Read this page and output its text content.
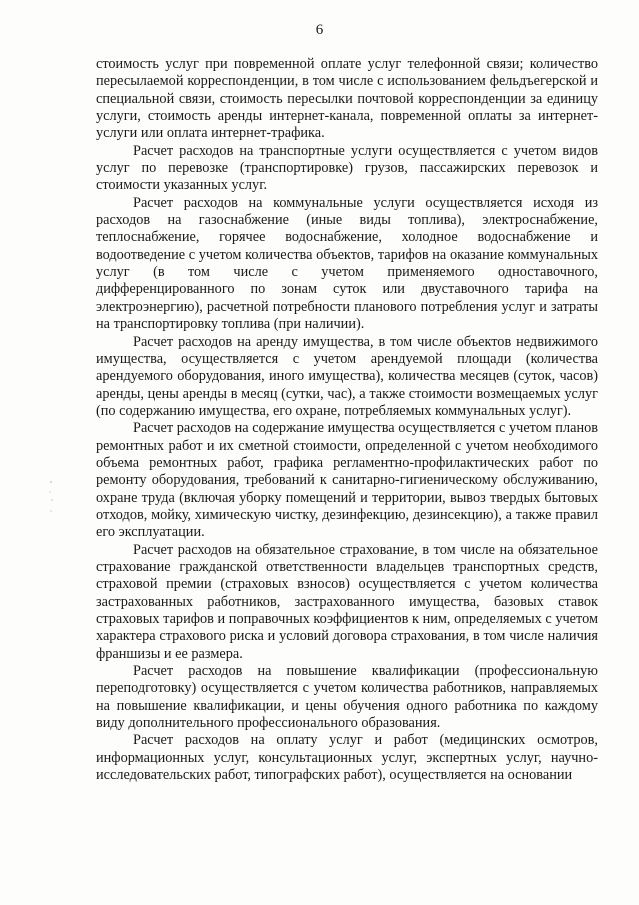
6

стоимость услуг при повременной оплате услуг телефонной связи; количество пересылаемой корреспонденции, в том числе с использованием фельдъегерской и специальной связи, стоимость пересылки почтовой корреспонденции за единицу услуги, стоимость аренды интернет-канала, повременной оплаты за интернет-услуги или оплата интернет-трафика.

Расчет расходов на транспортные услуги осуществляется с учетом видов услуг по перевозке (транспортировке) грузов, пассажирских перевозок и стоимости указанных услуг.

Расчет расходов на коммунальные услуги осуществляется исходя из расходов на газоснабжение (иные виды топлива), электроснабжение, теплоснабжение, горячее водоснабжение, холодное водоснабжение и водоотведение с учетом количества объектов, тарифов на оказание коммунальных услуг (в том числе с учетом применяемого одноставочного, дифференцированного по зонам суток или двуставочного тарифа на электроэнергию), расчетной потребности планового потребления услуг и затраты на транспортировку топлива (при наличии).

Расчет расходов на аренду имущества, в том числе объектов недвижимого имущества, осуществляется с учетом арендуемой площади (количества арендуемого оборудования, иного имущества), количества месяцев (суток, часов) аренды, цены аренды в месяц (сутки, час), а также стоимости возмещаемых услуг (по содержанию имущества, его охране, потребляемых коммунальных услуг).

Расчет расходов на содержание имущества осуществляется с учетом планов ремонтных работ и их сметной стоимости, определенной с учетом необходимого объема ремонтных работ, графика регламентно-профилактических работ по ремонту оборудования, требований к санитарно-гигиеническому обслуживанию, охране труда (включая уборку помещений и территории, вывоз твердых бытовых отходов, мойку, химическую чистку, дезинфекцию, дезинсекцию), а также правил его эксплуатации.

Расчет расходов на обязательное страхование, в том числе на обязательное страхование гражданской ответственности владельцев транспортных средств, страховой премии (страховых взносов) осуществляется с учетом количества застрахованных работников, застрахованного имущества, базовых ставок страховых тарифов и поправочных коэффициентов к ним, определяемых с учетом характера страхового риска и условий договора страхования, в том числе наличия франшизы и ее размера.

Расчет расходов на повышение квалификации (профессиональную переподготовку) осуществляется с учетом количества работников, направляемых на повышение квалификации, и цены обучения одного работника по каждому виду дополнительного профессионального образования.

Расчет расходов на оплату услуг и работ (медицинских осмотров, информационных услуг, консультационных услуг, экспертных услуг, научно-исследовательских работ, типографских работ), осуществляется на основании
